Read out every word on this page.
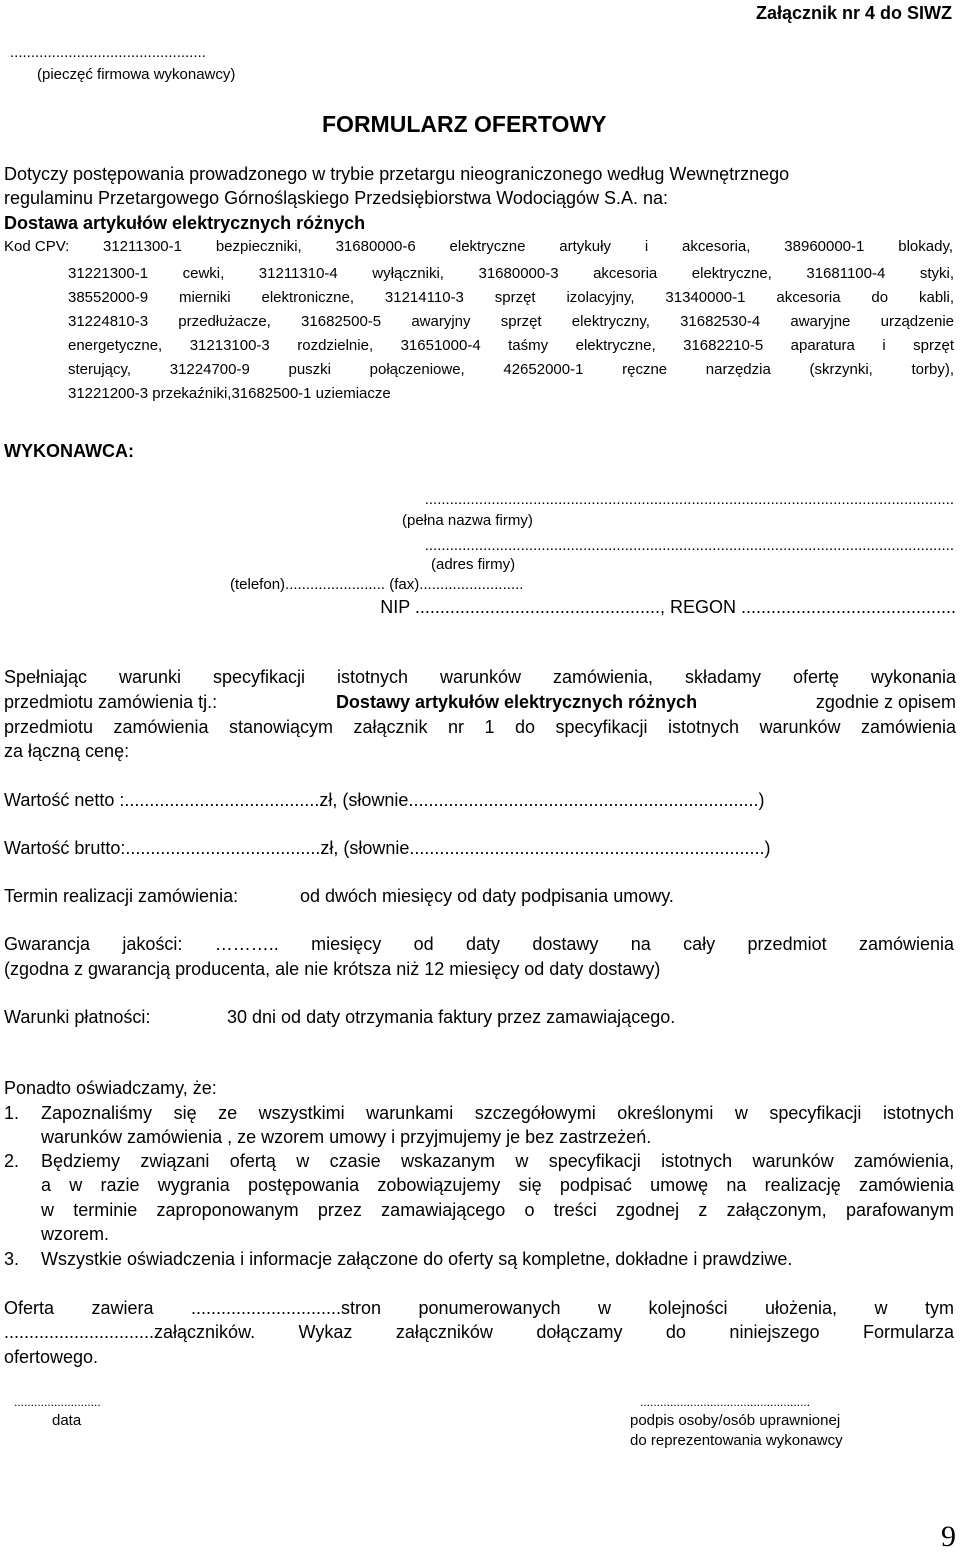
Załącznik nr 4 do SIWZ
...............................................
(pieczęć firmowa wykonawcy)
FORMULARZ OFERTOWY
Dotyczy postępowania prowadzonego w trybie przetargu nieograniczonego według Wewnętrznego
regulaminu Przetargowego Górnośląskiego Przedsiębiorstwa Wodociągów S.A. na:
Dostawa artykułów elektrycznych różnych
Kod CPV: 31211300-1 bezpieczniki, 31680000-6 elektryczne artykuły i akcesoria, 38960000-1 blokady,
31221300-1 cewki, 31211310-4 wyłączniki, 31680000-3 akcesoria elektryczne, 31681100-4 styki,
38552000-9 mierniki elektroniczne, 31214110-3 sprzęt izolacyjny, 31340000-1 akcesoria do kabli,
31224810-3 przedłużacze, 31682500-5 awaryjny sprzęt elektryczny, 31682530-4 awaryjne urządzenie
energetyczne, 31213100-3 rozdzielnie, 31651000-4 taśmy elektryczne, 31682210-5 aparatura i sprzęt
sterujący, 31224700-9 puszki połączeniowe, 42652000-1 ręczne narzędzia (skrzynki, torby),
31221200-3 przekaźniki,31682500-1 uziemiacze
WYKONAWCA:
...............................................................................................................................
(pełna nazwa firmy)
...............................................................................................................................
(adres firmy)
(telefon)........................ (fax).........................
NIP ................................................., REGON ...........................................
Spełniając warunki specyfikacji istotnych warunków zamówienia, składamy ofertę wykonania
przedmiotu zamówienia tj.:	Dostawy artykułów elektrycznych różnych	zgodnie z opisem
przedmiotu zamówienia stanowiącym załącznik nr 1 do specyfikacji istotnych warunków zamówienia
za łączną cenę:
Wartość netto :.......................................zł, (słownie......................................................................)
Wartość brutto:.......................................zł, (słownie.......................................................................)
Termin realizacji zamówienia:	od dwóch miesięcy od daty podpisania umowy.
Gwarancja jakości: ……….. miesięcy od daty dostawy na cały przedmiot zamówienia
(zgodna z gwarancją producenta, ale nie krótsza niż 12 miesięcy od daty dostawy)
Warunki płatności:	30 dni od daty otrzymania faktury przez zamawiającego.
Ponadto oświadczamy, że:
1. Zapoznaliśmy się ze wszystkimi warunkami szczegółowymi określonymi w specyfikacji istotnych
warunków zamówienia , ze wzorem umowy i przyjmujemy je bez zastrzeżeń.
2. Będziemy związani ofertą w czasie wskazanym w specyfikacji istotnych warunków zamówienia,
a w razie wygrania postępowania zobowiązujemy się podpisać umowę na realizację zamówienia
w terminie zaproponowanym przez zamawiającego o treści zgodnej z załączonym, parafowanym
wzorem.
3. Wszystkie oświadczenia i informacje załączone do oferty są kompletne, dokładne i prawdziwe.
Oferta zawiera ..............................stron ponumerowanych w kolejności ułożenia, w tym
..............................załączników. Wykaz załączników dołączamy do niniejszego Formularza
ofertowego.
..........................
data
...................................................
podpis osoby/osób uprawnionej
do reprezentowania wykonawcy
9
